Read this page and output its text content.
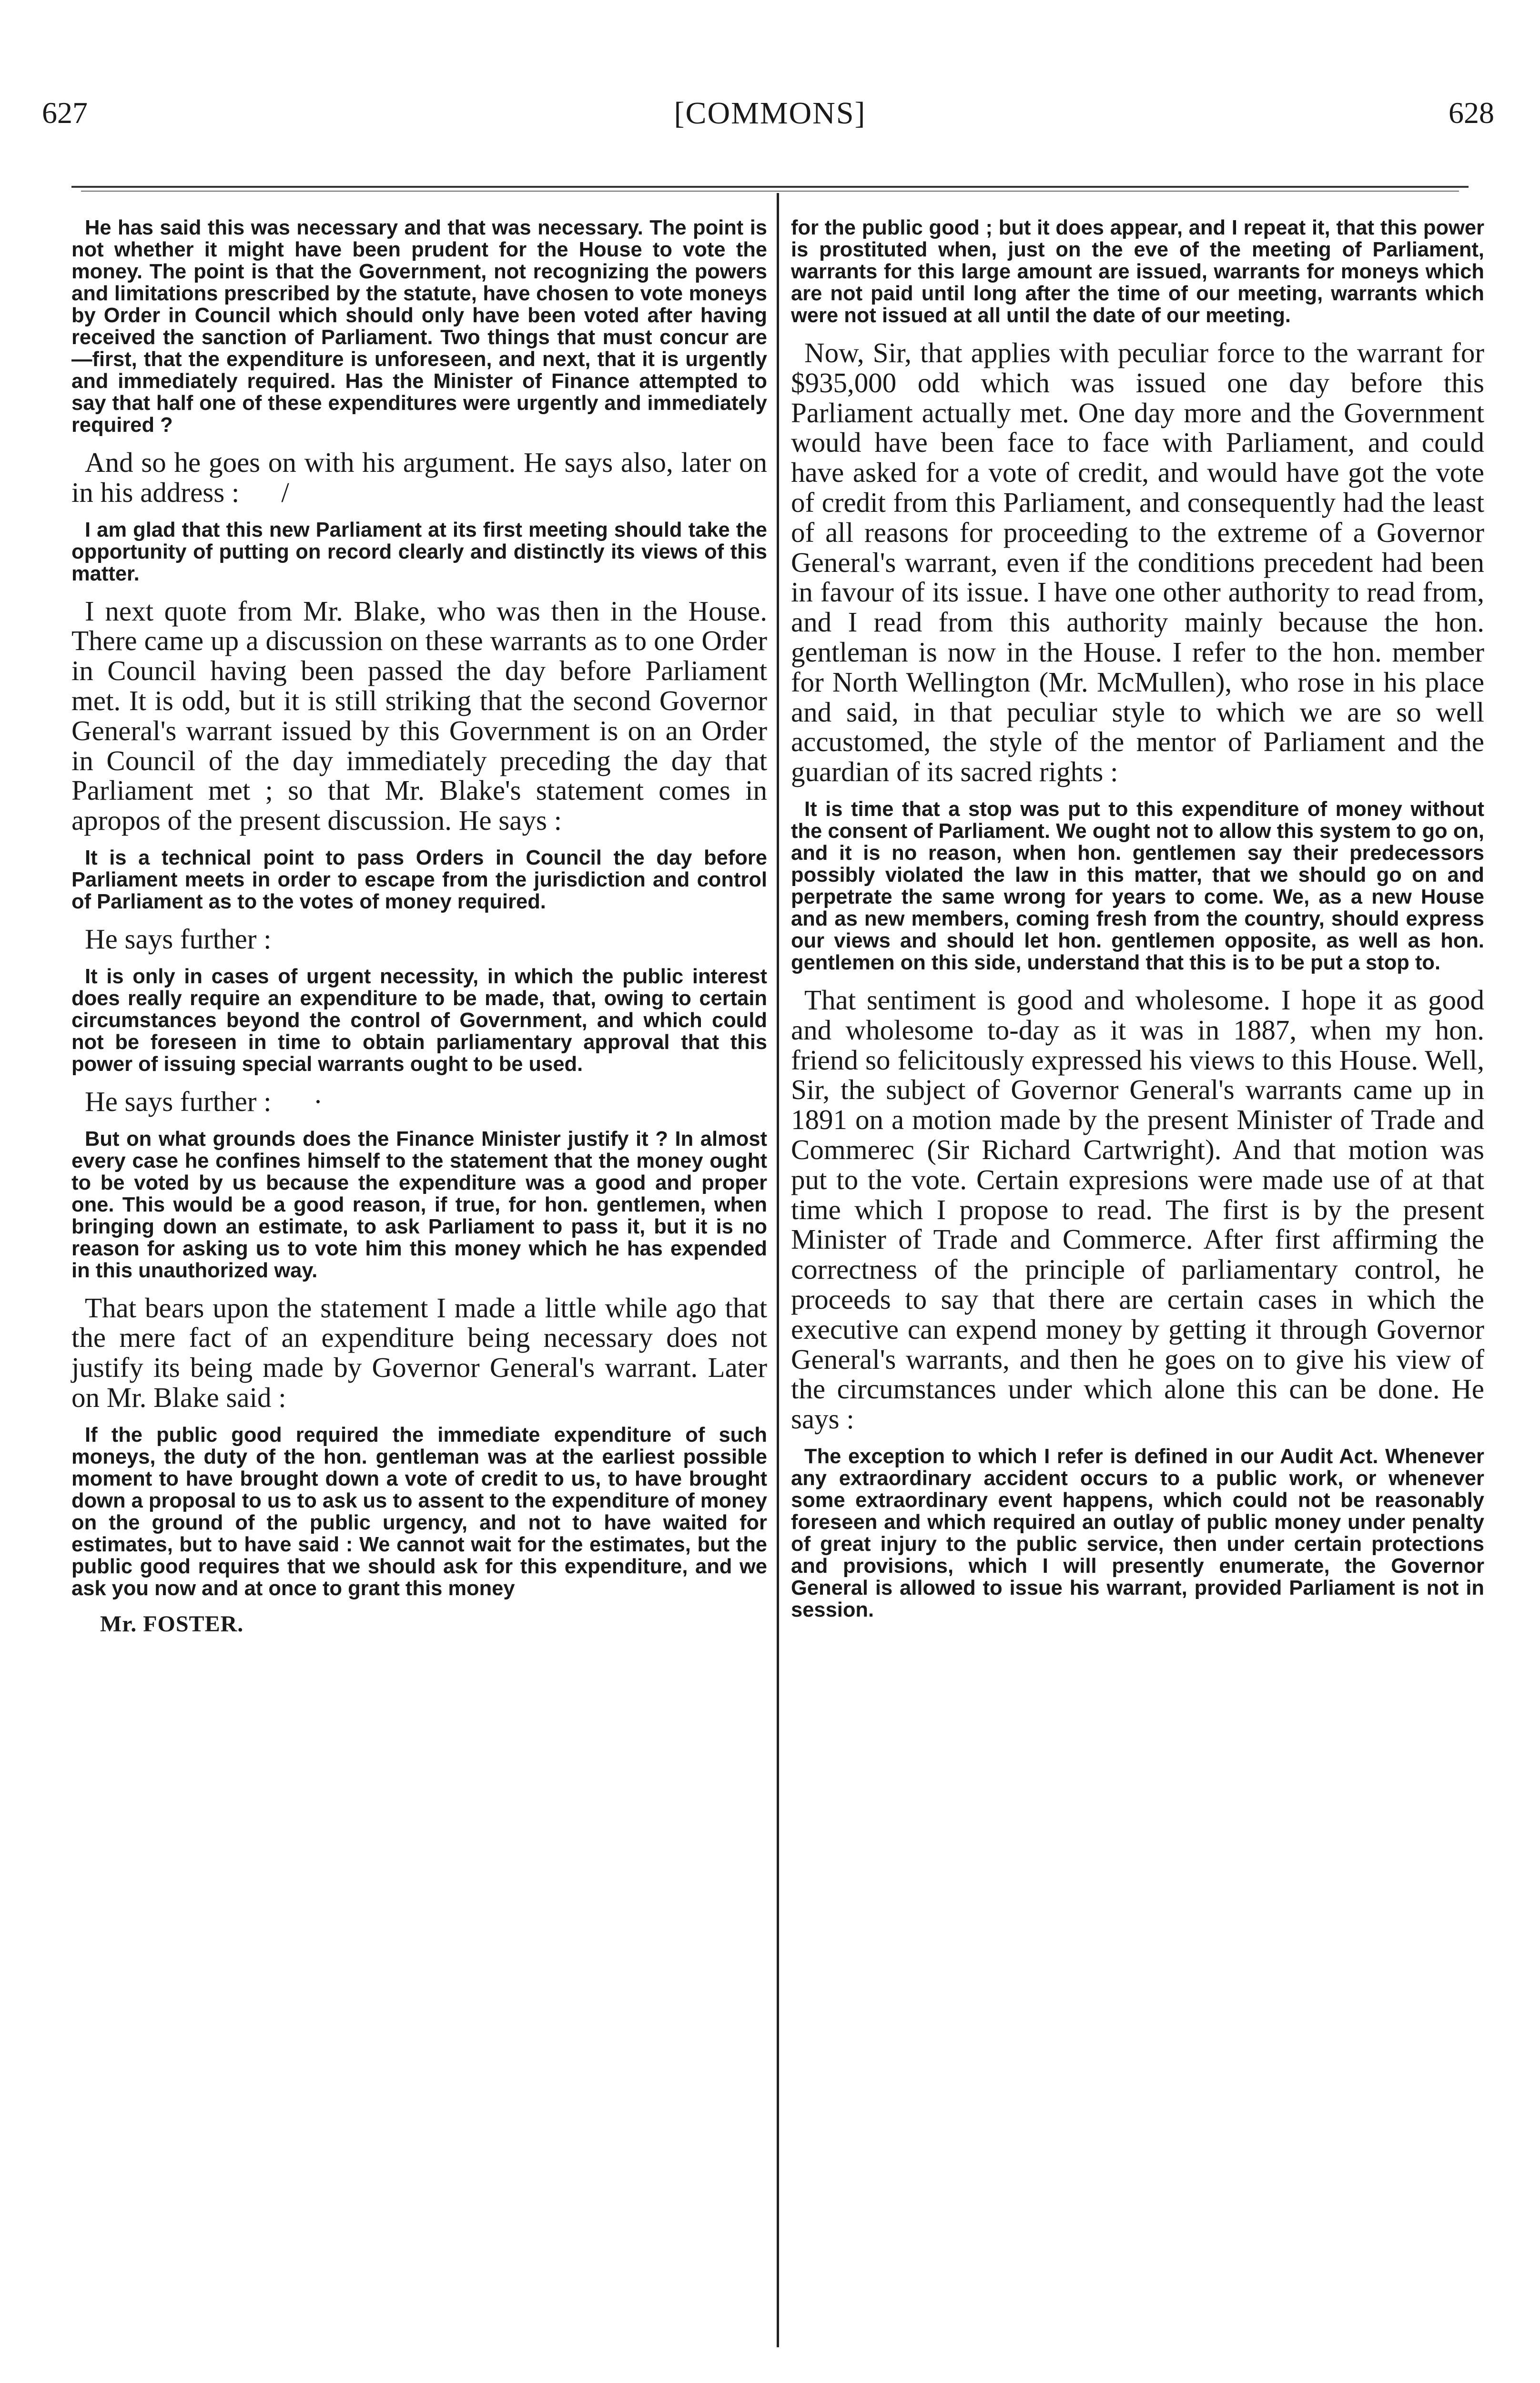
627	[COMMONS]	628

He has said this was necessary and that was necessary. The point is not whether it might have been prudent for the House to vote the money. The point is that the Government, not recognizing the powers and limitations prescribed by the statute, have chosen to vote moneys by Order in Council which should only have been voted after having received the sanction of Parliament. Two things that must concur are—first, that the expenditure is unforeseen, and next, that it is urgently and immediately required. Has the Minister of Finance attempted to say that half one of these expenditures were urgently and immediately required ?

And so he goes on with his argument. He says also, later on in his address : /

I am glad that this new Parliament at its first meeting should take the opportunity of putting on record clearly and distinctly its views of this matter.

I next quote from Mr. Blake, who was then in the House. There came up a discussion on these warrants as to one Order in Council having been passed the day before Parliament met. It is odd, but it is still striking that the second Governor General's warrant issued by this Government is on an Order in Council of the day immediately preceding the day that Parliament met ; so that Mr. Blake's statement comes in apropos of the present discussion. He says :

It is a technical point to pass Orders in Council the day before Parliament meets in order to escape from the jurisdiction and control of Parliament as to the votes of money required.

He says further :

It is only in cases of urgent necessity, in which the public interest does really require an expenditure to be made, that, owing to certain circumstances beyond the control of Government, and which could not be foreseen in time to obtain parliamentary approval that this power of issuing special warrants ought to be used.

He says further : ·

But on what grounds does the Finance Minister justify it ? In almost every case he confines himself to the statement that the money ought to be voted by us because the expenditure was a good and proper one. This would be a good reason, if true, for hon. gentlemen, when bringing down an estimate, to ask Parliament to pass it, but it is no reason for asking us to vote him this money which he has expended in this unauthorized way.

That bears upon the statement I made a little while ago that the mere fact of an expenditure being necessary does not justify its being made by Governor General's warrant. Later on Mr. Blake said :

If the public good required the immediate expenditure of such moneys, the duty of the hon. gentleman was at the earliest possible moment to have brought down a vote of credit to us, to have brought down a proposal to us to ask us to assent to the expenditure of money on the ground of the public urgency, and not to have waited for estimates, but to have said : We cannot wait for the estimates, but the public good requires that we should ask for this expenditure, and we ask you now and at once to grant this money

Mr. FOSTER.

for the public good ; but it does appear, and I repeat it, that this power is prostituted when, just on the eve of the meeting of Parliament, warrants for this large amount are issued, warrants for moneys which are not paid until long after the time of our meeting, warrants which were not issued at all until the date of our meeting.

Now, Sir, that applies with peculiar force to the warrant for $935,000 odd which was issued one day before this Parliament actually met. One day more and the Government would have been face to face with Parliament, and could have asked for a vote of credit, and would have got the vote of credit from this Parliament, and consequently had the least of all reasons for proceeding to the extreme of a Governor General's warrant, even if the conditions precedent had been in favour of its issue. I have one other authority to read from, and I read from this authority mainly because the hon. gentleman is now in the House. I refer to the hon. member for North Wellington (Mr. McMullen), who rose in his place and said, in that peculiar style to which we are so well accustomed, the style of the mentor of Parliament and the guardian of its sacred rights :

It is time that a stop was put to this expenditure of money without the consent of Parliament. We ought not to allow this system to go on, and it is no reason, when hon. gentlemen say their predecessors possibly violated the law in this matter, that we should go on and perpetrate the same wrong for years to come. We, as a new House and as new members, coming fresh from the country, should express our views and should let hon. gentlemen opposite, as well as hon. gentlemen on this side, understand that this is to be put a stop to.

That sentiment is good and wholesome. I hope it as good and wholesome to-day as it was in 1887, when my hon. friend so felicitously expressed his views to this House. Well, Sir, the subject of Governor General's warrants came up in 1891 on a motion made by the present Minister of Trade and Commerec (Sir Richard Cartwright). And that motion was put to the vote. Certain expresions were made use of at that time which I propose to read. The first is by the present Minister of Trade and Commerce. After first affirming the correctness of the principle of parliamentary control, he proceeds to say that there are certain cases in which the executive can expend money by getting it through Governor General's warrants, and then he goes on to give his view of the circumstances under which alone this can be done. He says :

The exception to which I refer is defined in our Audit Act. Whenever any extraordinary accident occurs to a public work, or whenever some extraordinary event happens, which could not be reasonably foreseen and which required an outlay of public money under penalty of great injury to the public service, then under certain protections and provisions, which I will presently enumerate, the Governor General is allowed to issue his warrant, provided Parliament is not in session.
